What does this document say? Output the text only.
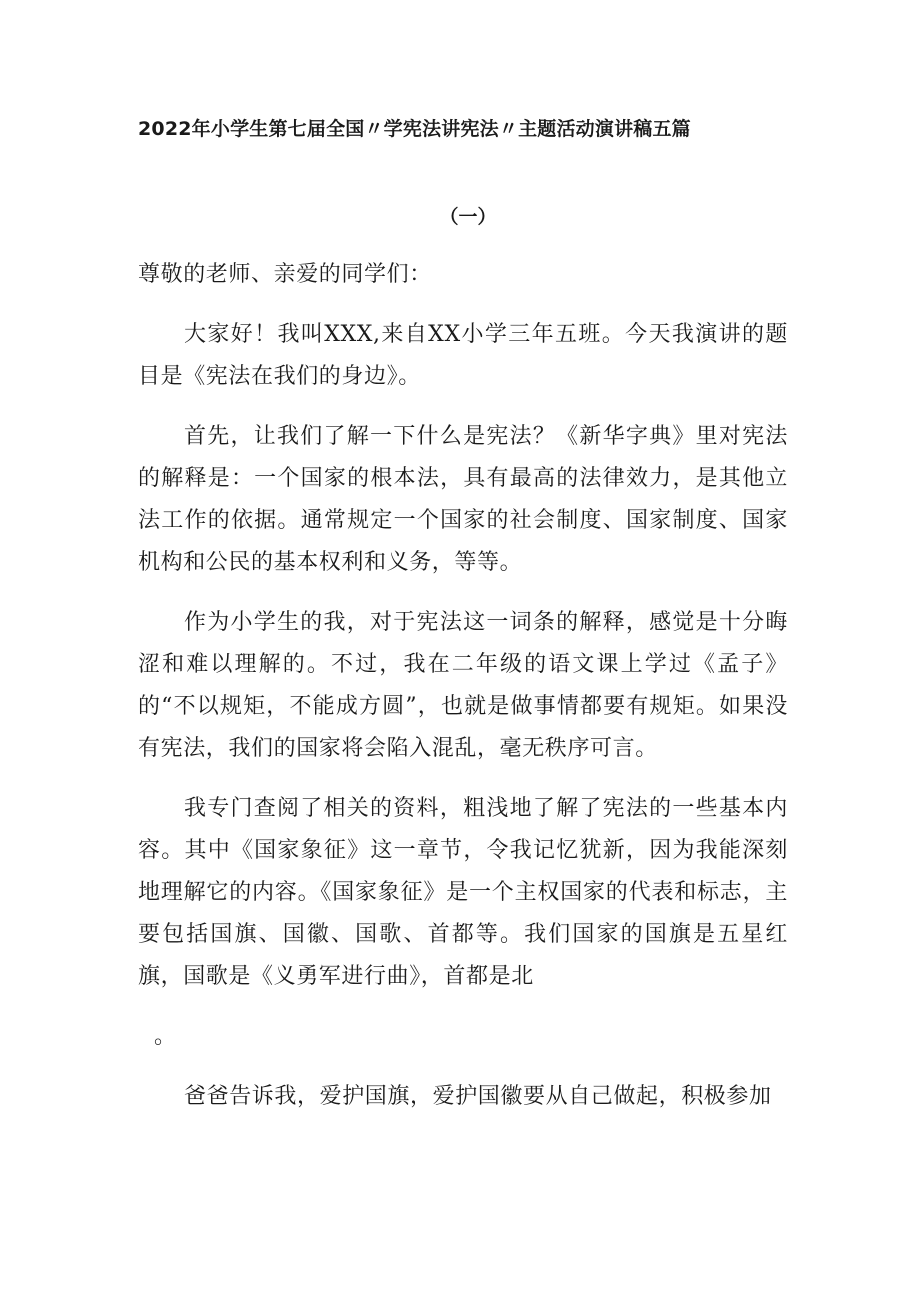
2022年小学生第七届全国〃学宪法讲宪法〃主题活动演讲稿五篇
（一）

尊敬的老师、亲爱的同学们：

大家好！我叫XXX,来自XX小学三年五班。今天我演讲的题目是《宪法在我们的身边》。

首先，让我们了解一下什么是宪法？《新华字典》里对宪法的解释是：一个国家的根本法，具有最高的法律效力，是其他立法工作的依据。通常规定一个国家的社会制度、国家制度、国家机构和公民的基本权利和义务，等等。

作为小学生的我，对于宪法这一词条的解释，感觉是十分晦涩和难以理解的。不过，我在二年级的语文课上学过《孟子》的“不以规矩，不能成方圆”，也就是做事情都要有规矩。如果没有宪法，我们的国家将会陷入混乱，毫无秩序可言。

我专门查阅了相关的资料，粗浅地了解了宪法的一些基本内容。其中《国家象征》这一章节，令我记忆犹新，因为我能深刻地理解它的内容。《国家象征》是一个主权国家的代表和标志，主要包括国旗、国徽、国歌、首都等。我们国家的国旗是五星红旗，国歌是《义勇军进行曲》，首都是北

。

爸爸告诉我，爱护国旗，爱护国徽要从自己做起，积极参加
